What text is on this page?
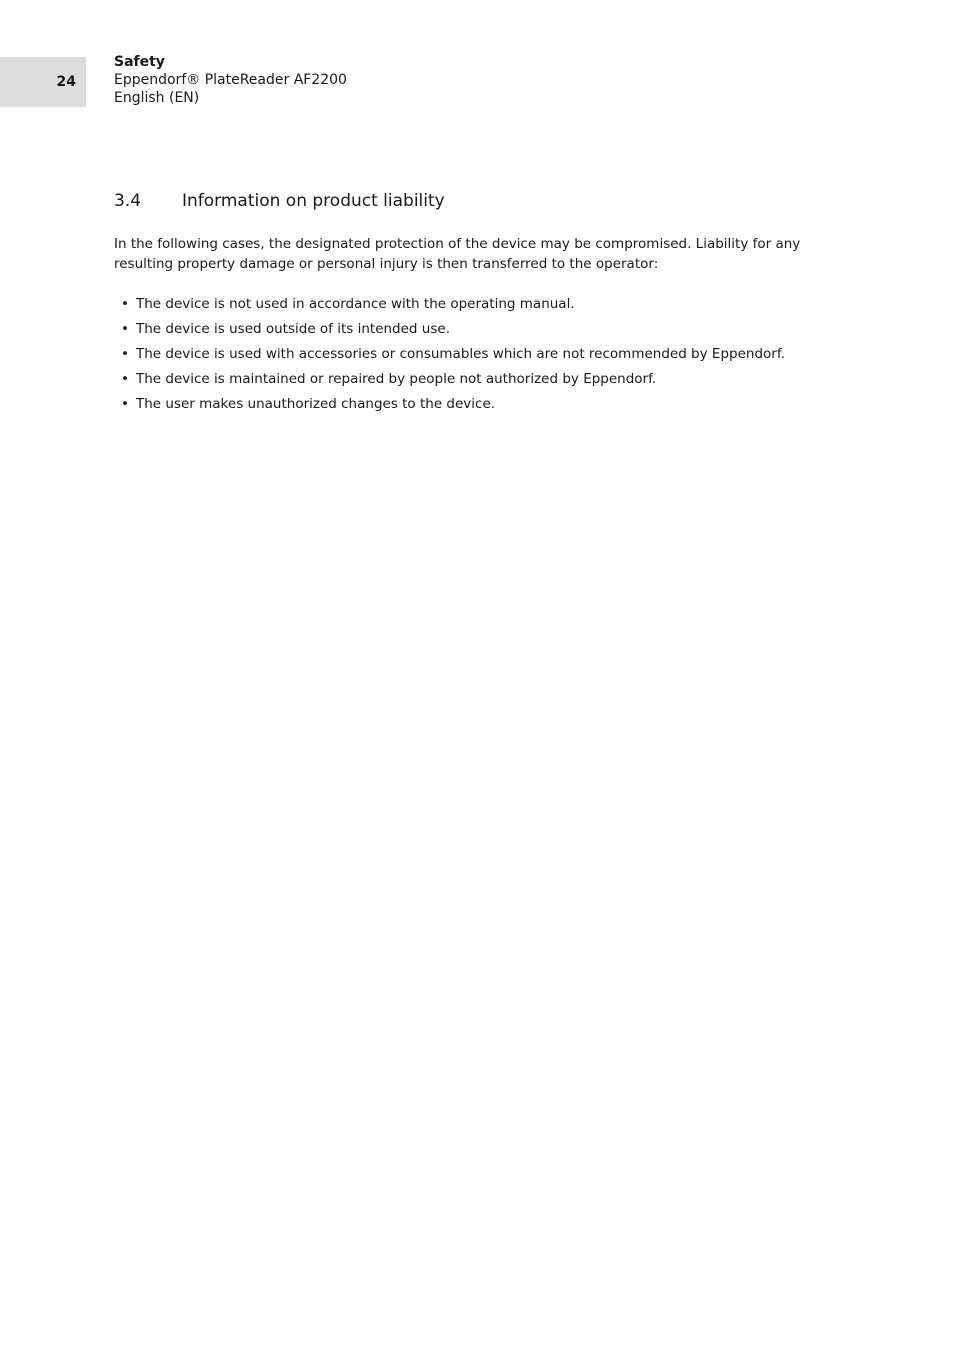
24
Safety
Eppendorf® PlateReader AF2200
English (EN)
3.4	Information on product liability
In the following cases, the designated protection of the device may be compromised. Liability for any resulting property damage or personal injury is then transferred to the operator:
• The device is not used in accordance with the operating manual.
• The device is used outside of its intended use.
• The device is used with accessories or consumables which are not recommended by Eppendorf.
• The device is maintained or repaired by people not authorized by Eppendorf.
• The user makes unauthorized changes to the device.
